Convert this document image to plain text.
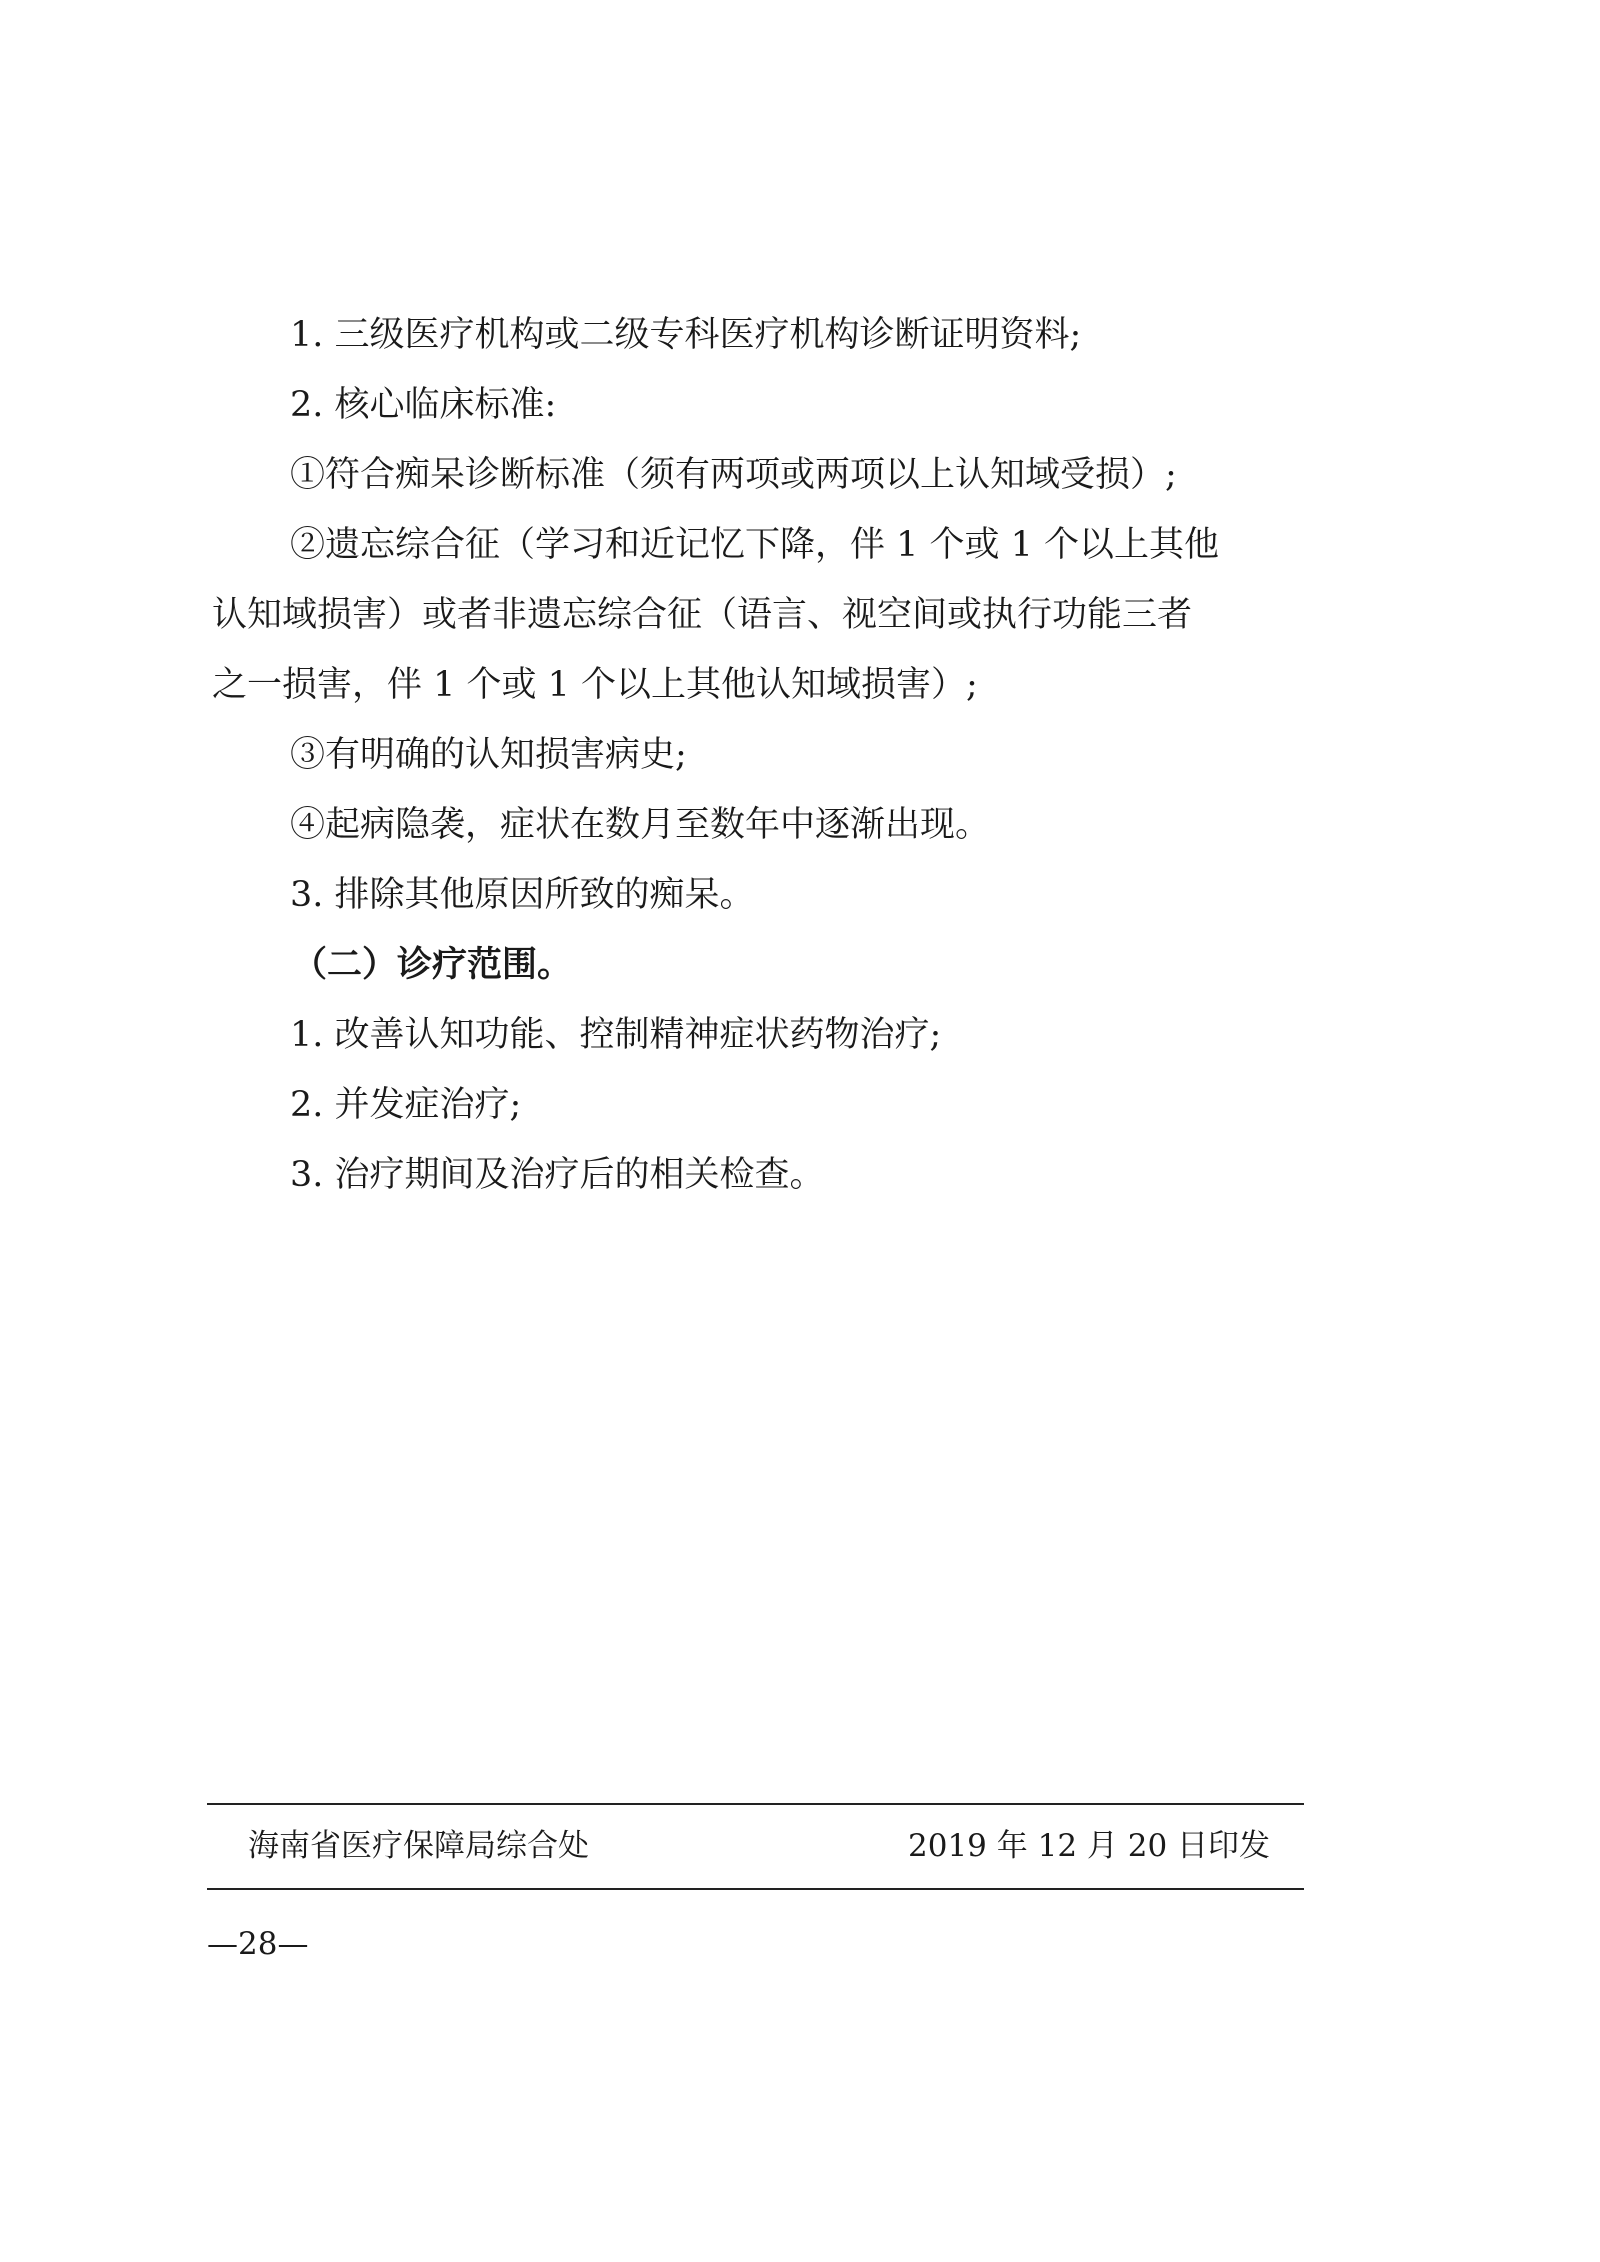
1. 三级医疗机构或二级专科医疗机构诊断证明资料;
2. 核心临床标准:
①符合痴呆诊断标准（须有两项或两项以上认知域受损）;
②遗忘综合征（学习和近记忆下降，伴 1 个或 1 个以上其他
认知域损害）或者非遗忘综合征（语言、视空间或执行功能三者
之一损害，伴 1 个或 1 个以上其他认知域损害）;
③有明确的认知损害病史;
④起病隐袭，症状在数月至数年中逐渐出现。
3. 排除其他原因所致的痴呆。
（二）诊疗范围。
1. 改善认知功能、控制精神症状药物治疗;
2. 并发症治疗;
3. 治疗期间及治疗后的相关检查。
海南省医疗保障局综合处	2019 年 12 月 20 日印发
—28—
